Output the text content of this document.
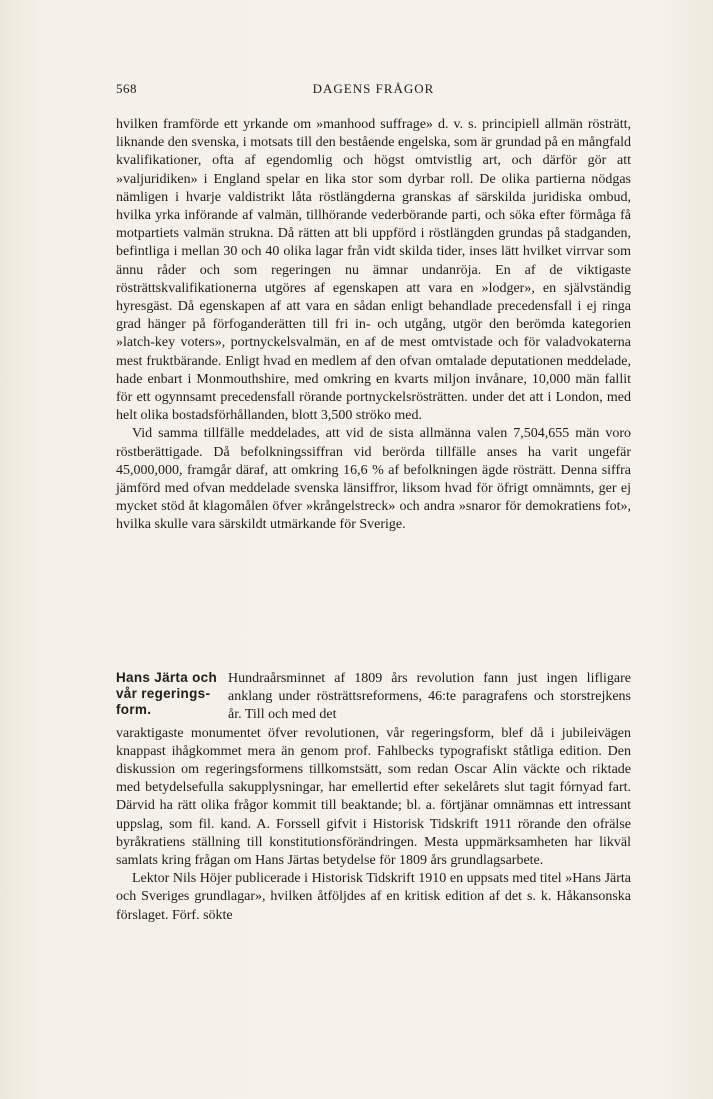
568	DAGENS FRÅGOR

hvilken framförde ett yrkande om »manhood suffrage» d. v. s. principiell allmän rösträtt, liknande den svenska, i motsats till den bestående engelska, som är grundad på en mångfald kvalifikationer, ofta af egendomlig och högst omtvistlig art, och därför gör att »valjuridiken» i England spelar en lika stor som dyrbar roll. De olika partierna nödgas nämligen i hvarje valdistrikt låta röstlängderna granskas af särskilda juridiska ombud, hvilka yrka införande af valmän, tillhörande vederbörande parti, och söka efter förmåga få motpartiets valmän strukna. Då rätten att bli uppförd i röstlängden grundas på stadganden, befintliga i mellan 30 och 40 olika lagar från vidt skilda tider, inses lätt hvilket virrvar som ännu råder och som regeringen nu ämnar undanröja. En af de viktigaste rösträttskvalifikationerna utgöres af egenskapen att vara en »lodger», en självständig hyresgäst. Då egenskapen af att vara en sådan enligt behandlade precedensfall i ej ringa grad hänger på förfoganderätten till fri in- och utgång, utgör den berömda kategorien »latch-key voters», portnyckelsvalmän, en af de mest omtvistade och för valadvokaterna mest fruktbärande. Enligt hvad en medlem af den ofvan omtalade deputationen meddelade, hade enbart i Monmouthshire, med omkring en kvarts miljon invånare, 10,000 män fallit för ett ogynnsamt precedensfall rörande portnyckelsrösträtten. under det att i London, med helt olika bostadsförhållanden, blott 3,500 ströko med.

Vid samma tillfälle meddelades, att vid de sista allmänna valen 7,504,655 män voro röstberättigade. Då befolkningssiffran vid berörda tillfälle anses ha varit ungefär 45,000,000, framgår däraf, att omkring 16,6 % af befolkningen ägde rösträtt. Denna siffra jämförd med ofvan meddelade svenska länsiffror, liksom hvad för öfrigt omnämnts, ger ej mycket stöd åt klagomålen öfver »krångelstreck» och andra »snaror för demokratiens fot», hvilka skulle vara särskildt utmärkande för Sverige.

Hans Järta och
vår regerings-
form.
Hundraårsminnet af 1809 års revolution fann just ingen lifligare anklang under rösträttsreformens, 46:te paragrafens och storstrejkens år. Till och med det

varaktigaste monumentet öfver revolutionen, vår regeringsform, blef då i jubileivägen knappast ihågkommet mera än genom prof. Fahlbecks typografiskt ståtliga edition. Den diskussion om regeringsformens tillkomstsätt, som redan Oscar Alin väckte och riktade med betydelsefulla sakupplysningar, har emellertid efter sekelårets slut tagit fórnyad fart. Därvid ha rätt olika frågor kommit till beaktande; bl. a. förtjänar omnämnas ett intressant uppslag, som fil. kand. A. Forssell gifvit i Historisk Tidskrift 1911 rörande den ofrälse byråkratiens ställning till konstitutionsförändringen. Mesta uppmärksamheten har likväl samlats kring frågan om Hans Järtas betydelse för 1809 års grundlagsarbete.

Lektor Nils Höjer publicerade i Historisk Tidskrift 1910 en uppsats med titel »Hans Järta och Sveriges grundlagar», hvilken åtföljdes af en kritisk edition af det s. k. Håkansonska förslaget. Förf. sökte
